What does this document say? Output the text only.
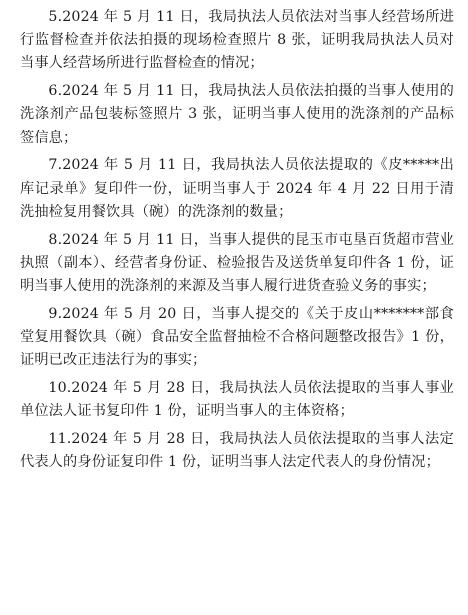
5.2024 年 5 月 11 日，我局执法人员依法对当事人经营场所进行监督检查并依法拍摄的现场检查照片 8 张，证明我局执法人员对当事人经营场所进行监督检查的情况；

6.2024 年 5 月 11 日，我局执法人员依法拍摄的当事人使用的洗涤剂产品包装标签照片 3 张，证明当事人使用的洗涤剂的产品标签信息；

7.2024 年 5 月 11 日，我局执法人员依法提取的《皮*****出库记录单》复印件一份，证明当事人于 2024 年 4 月 22 日用于清洗抽检复用餐饮具（碗）的洗涤剂的数量；

8.2024 年 5 月 11 日，当事人提供的昆玉市屯垦百货超市营业执照（副本）、经营者身份证、检验报告及送货单复印件各 1 份，证明当事人使用的洗涤剂的来源及当事人履行进货查验义务的事实；

9.2024 年 5 月 20 日，当事人提交的《关于皮山*******部食堂复用餐饮具（碗）食品安全监督抽检不合格问题整改报告》1 份，证明已改正违法行为的事实；

10.2024 年 5 月 28 日，我局执法人员依法提取的当事人事业单位法人证书复印件 1 份，证明当事人的主体资格；

11.2024 年 5 月 28 日，我局执法人员依法提取的当事人法定代表人的身份证复印件 1 份，证明当事人法定代表人的身份情况；
